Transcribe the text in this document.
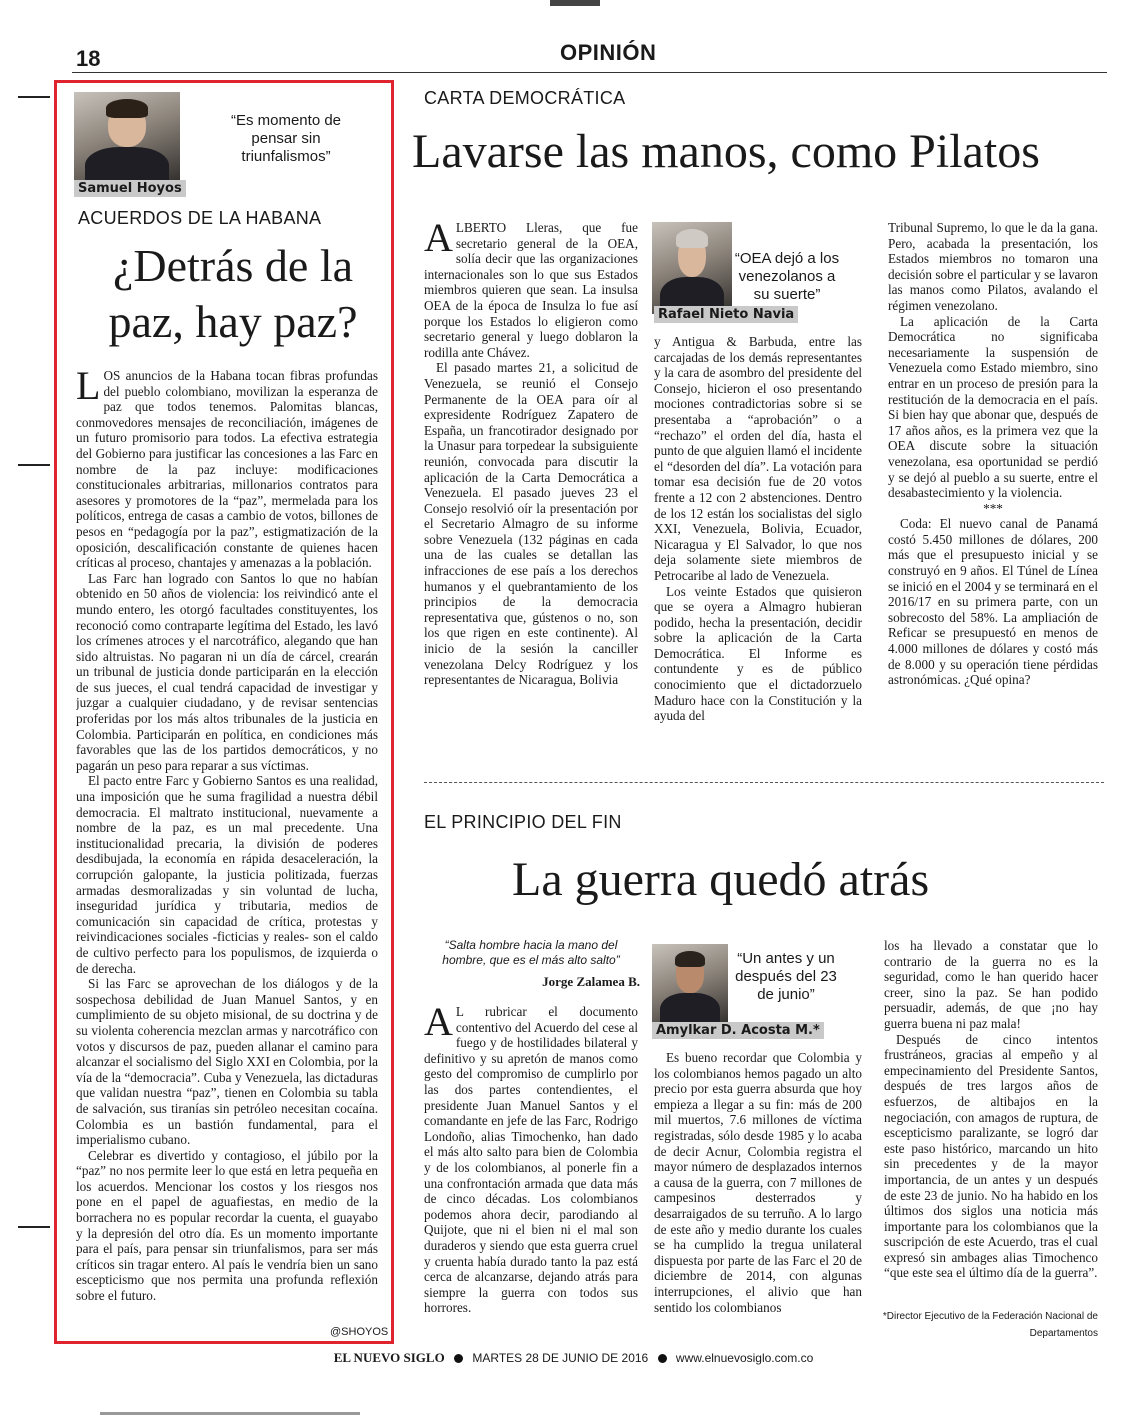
18	OPINIÓN
Samuel Hoyos
“Es momento de pensar sin triunfalismos”
ACUERDOS DE LA HABANA
¿Detrás de la paz, hay paz?

LOS anuncios de la Habana tocan fibras profundas del pueblo colombiano, movilizan la esperanza de paz que todos tenemos. Palomitas blancas, conmovedores mensajes de reconciliación, imágenes de un futuro promisorio para todos. La efectiva estrategia del Gobierno para justificar las concesiones a las Farc en nombre de la paz incluye: modificaciones constitucionales arbitrarias, millonarios contratos para asesores y promotores de la “paz”, mermelada para los políticos, entrega de casas a cambio de votos, billones de pesos en “pedagogía por la paz”, estigmatización de la oposición, descalificación constante de quienes hacen críticas al proceso, chantajes y amenazas a la población.

Las Farc han logrado con Santos lo que no habían obtenido en 50 años de violencia: los reivindicó ante el mundo entero, les otorgó facultades constituyentes, los reconoció como contraparte legítima del Estado, les lavó los crímenes atroces y el narcotráfico, alegando que han sido altruistas. No pagaran ni un día de cárcel, crearán un tribunal de justicia donde participarán en la elección de sus jueces, el cual tendrá capacidad de investigar y juzgar a cualquier ciudadano, y de revisar sentencias proferidas por los más altos tribunales de la justicia en Colombia. Participarán en política, en condiciones más favorables que las de los partidos democráticos, y no pagarán un peso para reparar a sus víctimas.

El pacto entre Farc y Gobierno Santos es una realidad, una imposición que he suma fragilidad a nuestra débil democracia. El maltrato institucional, nuevamente a nombre de la paz, es un mal precedente. Una institucionalidad precaria, la división de poderes desdibujada, la economía en rápida desaceleración, la corrupción galopante, la justicia politizada, fuerzas armadas desmoralizadas y sin voluntad de lucha, inseguridad jurídica y tributaria, medios de comunicación sin capacidad de crítica, protestas y reivindicaciones sociales -ficticias y reales- son el caldo de cultivo perfecto para los populismos, de izquierda o de derecha.

Si las Farc se aprovechan de los diálogos y de la sospechosa debilidad de Juan Manuel Santos, y en cumplimiento de su objeto misional, de su doctrina y de su violenta coherencia mezclan armas y narcotráfico con votos y discursos de paz, pueden allanar el camino para alcanzar el socialismo del Siglo XXI en Colombia, por la vía de la “democracia”. Cuba y Venezuela, las dictaduras que validan nuestra “paz”, tienen en Colombia su tabla de salvación, sus tiranías sin petróleo necesitan cocaína. Colombia es un bastión fundamental, para el imperialismo cubano.

Celebrar es divertido y contagioso, el júbilo por la “paz” no nos permite leer lo que está en letra pequeña en los acuerdos. Mencionar los costos y los riesgos nos pone en el papel de aguafiestas, en medio de la borrachera no es popular recordar la cuenta, el guayabo y la depresión del otro día. Es un momento importante para el país, para pensar sin triunfalismos, para ser más críticos sin tragar entero. Al país le vendría bien un sano escepticismo que nos permita una profunda reflexión sobre el futuro.

@SHOYOS
CARTA DEMOCRÁTICA
Lavarse las manos, como Pilatos

ALBERTO Lleras, que fue secretario general de la OEA, solía decir que las organizaciones internacionales son lo que sus Estados miembros quieren que sean. La insulsa OEA de la época de Insulza lo fue así porque los Estados lo eligieron como secretario general y luego doblaron la rodilla ante Chávez.

El pasado martes 21, a solicitud de Venezuela, se reunió el Consejo Permanente de la OEA para oír al expresidente Rodríguez Zapatero de España, un francotirador designado por la Unasur para torpedear la subsiguiente reunión, convocada para discutir la aplicación de la Carta Democrática a Venezuela. El pasado jueves 23 el Consejo resolvió oír la presentación por el Secretario Almagro de su informe sobre Venezuela (132 páginas en cada una de las cuales se detallan las infracciones de ese país a los derechos humanos y el quebrantamiento de los principios de la democracia representativa que, gústenos o no, son los que rigen en este continente). Al inicio de la sesión la canciller venezolana Delcy Rodríguez y los representantes de Nicaragua, Bolivia

Rafael Nieto Navia
“OEA dejó a los venezolanos a su suerte”

y Antigua & Barbuda, entre las carcajadas de los demás representantes y la cara de asombro del presidente del Consejo, hicieron el oso presentando mociones contradictorias sobre si se presentaba a “aprobación” o a “rechazo” el orden del día, hasta el punto de que alguien llamó el incidente el “desorden del día”. La votación para tomar esa decisión fue de 20 votos frente a 12 con 2 abstenciones. Dentro de los 12 están los socialistas del siglo XXI, Venezuela, Bolivia, Ecuador, Nicaragua y El Salvador, lo que nos deja solamente siete miembros de Petrocaribe al lado de Venezuela.

Los veinte Estados que quisieron que se oyera a Almagro hubieran podido, hecha la presentación, decidir sobre la aplicación de la Carta Democrática. El Informe es contundente y es de público conocimiento que el dictadorzuelo Maduro hace con la Constitución y la ayuda del

Tribunal Supremo, lo que le da la gana. Pero, acabada la presentación, los Estados miembros no tomaron una decisión sobre el particular y se lavaron las manos como Pilatos, avalando el régimen venezolano.

La aplicación de la Carta Democrática no significaba necesariamente la suspensión de Venezuela como Estado miembro, sino entrar en un proceso de presión para la restitución de la democracia en el país. Si bien hay que abonar que, después de 17 años años, es la primera vez que la OEA discute sobre la situación venezolana, esa oportunidad se perdió y se dejó al pueblo a su suerte, entre el desabastecimiento y la violencia.

***

Coda: El nuevo canal de Panamá costó 5.450 millones de dólares, 200 más que el presupuesto inicial y se construyó en 9 años. El Túnel de Línea se inició en el 2004 y se terminará en el 2016/17 en su primera parte, con un sobrecosto del 58%. La ampliación de Reficar se presupuestó en menos de 4.000 millones de dólares y costó más de 8.000 y su operación tiene pérdidas astronómicas. ¿Qué opina?

EL PRINCIPIO DEL FIN
La guerra quedó atrás
“Salta hombre hacia la mano del hombre, que es el más alto salto”
Jorge Zalamea B.

A L rubricar el documento contentivo del Acuerdo del cese al fuego y de hostilidades bilateral y definitivo y su apretón de manos como gesto del compromiso de cumplirlo por las dos partes contendientes, el presidente Juan Manuel Santos y el comandante en jefe de las Farc, Rodrigo Londoño, alias Timochenko, han dado el más alto salto para bien de Colombia y de los colombianos, al ponerle fin a una confrontación armada que data más de cinco décadas. Los colombianos podemos ahora decir, parodiando al Quijote, que ni el bien ni el mal son duraderos y siendo que esta guerra cruel y cruenta había durado tanto la paz está cerca de alcanzarse, dejando atrás para siempre la guerra con todos sus horrores.

Amylkar D. Acosta M.*
“Un antes y un después del 23 de junio”

Es bueno recordar que Colombia y los colombianos hemos pagado un alto precio por esta guerra absurda que hoy empieza a llegar a su fin: más de 200 mil muertos, 7.6 millones de víctima registradas, sólo desde 1985 y lo acaba de decir Acnur, Colombia registra el mayor número de desplazados internos a causa de la guerra, con 7 millones de campesinos desterrados y desarraigados de su terruño. A lo largo de este año y medio durante los cuales se ha cumplido la tregua unilateral dispuesta por parte de las Farc el 20 de diciembre de 2014, con algunas interrupciones, el alivio que han sentido los colombianos

los ha llevado a constatar que lo contrario de la guerra no es la seguridad, como le han querido hacer creer, sino la paz. Se han podido persuadir, además, de que ¡no hay guerra buena ni paz mala!

Después de cinco intentos frustráneos, gracias al empeño y al empecinamiento del Presidente Santos, después de tres largos años de esfuerzos, de altibajos en la negociación, con amagos de ruptura, de escepticismo paralizante, se logró dar este paso histórico, marcando un hito sin precedentes y de la mayor importancia, de un antes y un después de este 23 de junio. No ha habido en los últimos dos siglos una noticia más importante para los colombianos que la suscripción de este Acuerdo, tras el cual expresó sin ambages alias Timochenco “que este sea el último día de la guerra”.

*Director Ejecutivo de la Federación Nacional de Departamentos
EL NUEVO SIGLO MARTES 28 DE JUNIO DE 2016 www.elnuevosiglo.com.co
